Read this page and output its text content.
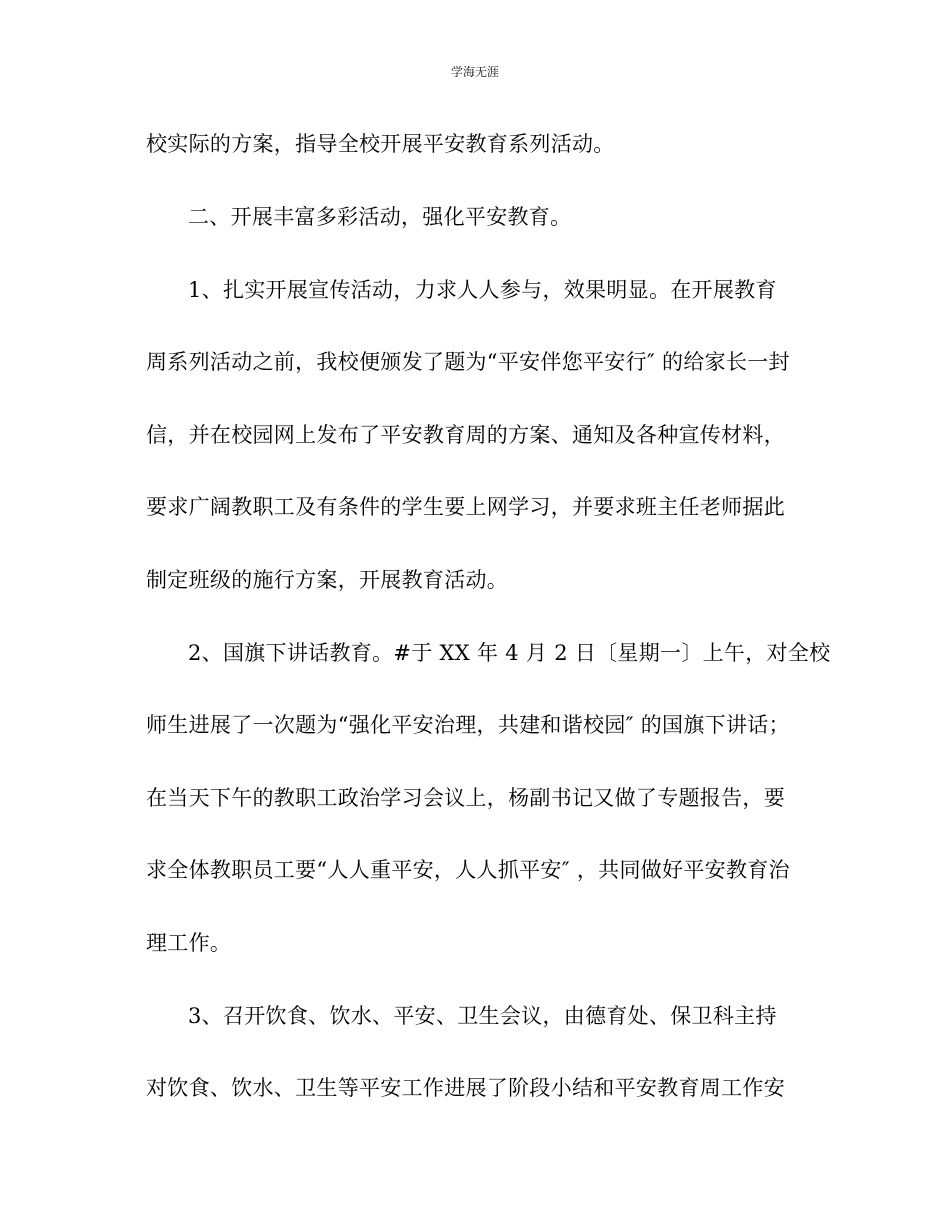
学海无涯
校实际的方案，指导全校开展平安教育系列活动。
二、开展丰富多彩活动，强化平安教育。
1、扎实开展宣传活动，力求人人参与，效果明显。在开展教育
周系列活动之前，我校便颁发了题为“平安伴您平安行″ 的给家长一封
信，并在校园网上发布了平安教育周的方案、通知及各种宣传材料，
要求广阔教职工及有条件的学生要上网学习，并要求班主任老师据此
制定班级的施行方案，开展教育活动。
2、国旗下讲话教育。#于 XX 年 4 月 2 日〔星期一〕上午，对全校
师生进展了一次题为“强化平安治理，共建和谐校园″ 的国旗下讲话；
在当天下午的教职工政治学习会议上，杨副书记又做了专题报告，要
求全体教职员工要“人人重平安，人人抓平安″ ，共同做好平安教育治
理工作。
3、召开饮食、饮水、平安、卫生会议，由德育处、保卫科主持
对饮食、饮水、卫生等平安工作进展了阶段小结和平安教育周工作安
